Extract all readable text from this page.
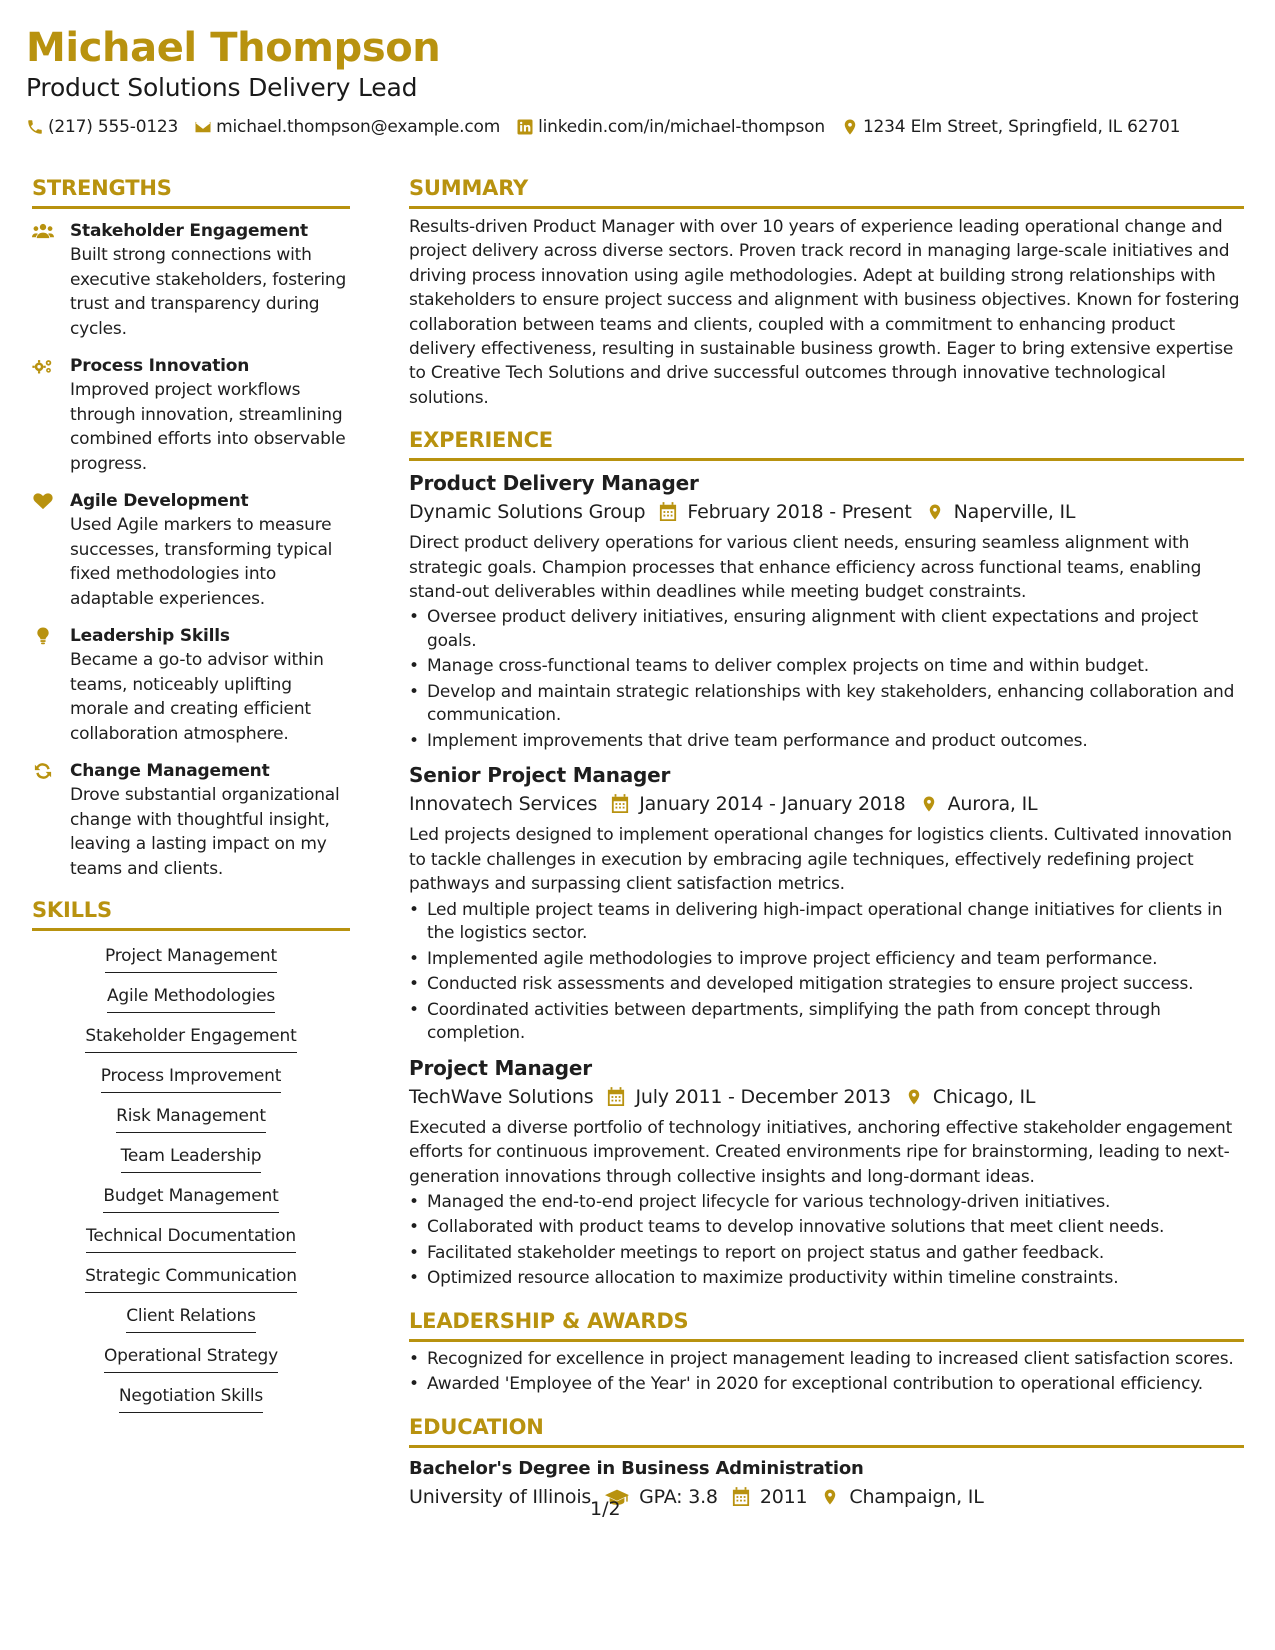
Michael Thompson
Product Solutions Delivery Lead
(217) 555-0123 michael.thompson@example.com linkedin.com/in/michael-thompson 1234 Elm Street, Springfield, IL 62701
STRENGTHS
Stakeholder Engagement
Built strong connections with executive stakeholders, fostering trust and transparency during cycles.
Process Innovation
Improved project workflows through innovation, streamlining combined efforts into observable progress.
Agile Development
Used Agile markers to measure successes, transforming typical fixed methodologies into adaptable experiences.
Leadership Skills
Became a go-to advisor within teams, noticeably uplifting morale and creating efficient collaboration atmosphere.
Change Management
Drove substantial organizational change with thoughtful insight, leaving a lasting impact on my teams and clients.
SKILLS
Project Management
Agile Methodologies
Stakeholder Engagement
Process Improvement
Risk Management
Team Leadership
Budget Management
Technical Documentation
Strategic Communication
Client Relations
Operational Strategy
Negotiation Skills
SUMMARY
Results-driven Product Manager with over 10 years of experience leading operational change and project delivery across diverse sectors. Proven track record in managing large-scale initiatives and driving process innovation using agile methodologies. Adept at building strong relationships with stakeholders to ensure project success and alignment with business objectives. Known for fostering collaboration between teams and clients, coupled with a commitment to enhancing product delivery effectiveness, resulting in sustainable business growth. Eager to bring extensive expertise to Creative Tech Solutions and drive successful outcomes through innovative technological solutions.
EXPERIENCE
Product Delivery Manager
Dynamic Solutions Group February 2018 - Present Naperville, IL
Direct product delivery operations for various client needs, ensuring seamless alignment with strategic goals. Champion processes that enhance efficiency across functional teams, enabling stand-out deliverables within deadlines while meeting budget constraints.
• Oversee product delivery initiatives, ensuring alignment with client expectations and project goals.
• Manage cross-functional teams to deliver complex projects on time and within budget.
• Develop and maintain strategic relationships with key stakeholders, enhancing collaboration and communication.
• Implement improvements that drive team performance and product outcomes.
Senior Project Manager
Innovatech Services January 2014 - January 2018 Aurora, IL
Led projects designed to implement operational changes for logistics clients. Cultivated innovation to tackle challenges in execution by embracing agile techniques, effectively redefining project pathways and surpassing client satisfaction metrics.
• Led multiple project teams in delivering high-impact operational change initiatives for clients in the logistics sector.
• Implemented agile methodologies to improve project efficiency and team performance.
• Conducted risk assessments and developed mitigation strategies to ensure project success.
• Coordinated activities between departments, simplifying the path from concept through completion.
Project Manager
TechWave Solutions July 2011 - December 2013 Chicago, IL
Executed a diverse portfolio of technology initiatives, anchoring effective stakeholder engagement efforts for continuous improvement. Created environments ripe for brainstorming, leading to next-generation innovations through collective insights and long-dormant ideas.
• Managed the end-to-end project lifecycle for various technology-driven initiatives.
• Collaborated with product teams to develop innovative solutions that meet client needs.
• Facilitated stakeholder meetings to report on project status and gather feedback.
• Optimized resource allocation to maximize productivity within timeline constraints.
LEADERSHIP & AWARDS
• Recognized for excellence in project management leading to increased client satisfaction scores.
• Awarded 'Employee of the Year' in 2020 for exceptional contribution to operational efficiency.
EDUCATION
Bachelor's Degree in Business Administration
University of Illinois	GPA: 3.8 2011 Champaign, IL
1/2
